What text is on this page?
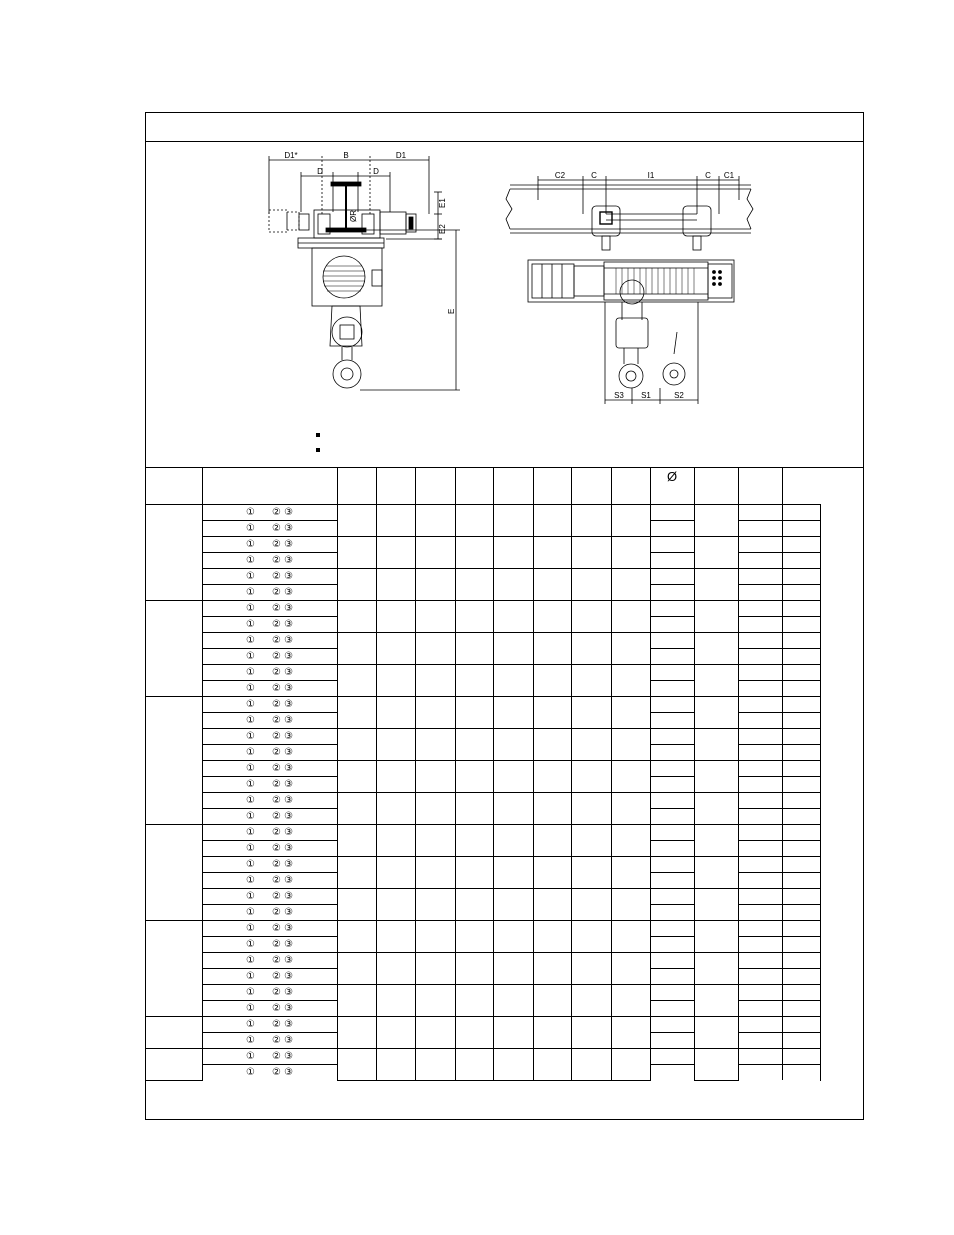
D1*	B	D1
D	D
ØR
E1
E2
E
C2	C	I1	C C1
S3 S1	S2

										Ø				

	① ② ③													
	① ② ③													
	① ② ③													
	① ② ③													
	① ② ③													
	① ② ③													
	① ② ③													
	① ② ③													
	① ② ③													
	① ② ③													
	① ② ③													
	① ② ③													
	① ② ③													
	① ② ③													
	① ② ③													
	① ② ③													
	① ② ③													
	① ② ③													
	① ② ③													
	① ② ③													
	① ② ③													
	① ② ③													
	① ② ③													
	① ② ③													
	① ② ③													
	① ② ③													
	① ② ③													
	① ② ③													
	① ② ③													
	① ② ③													
	① ② ③													
	① ② ③													
	① ② ③													
	① ② ③													
	① ② ③													
	① ② ③													
